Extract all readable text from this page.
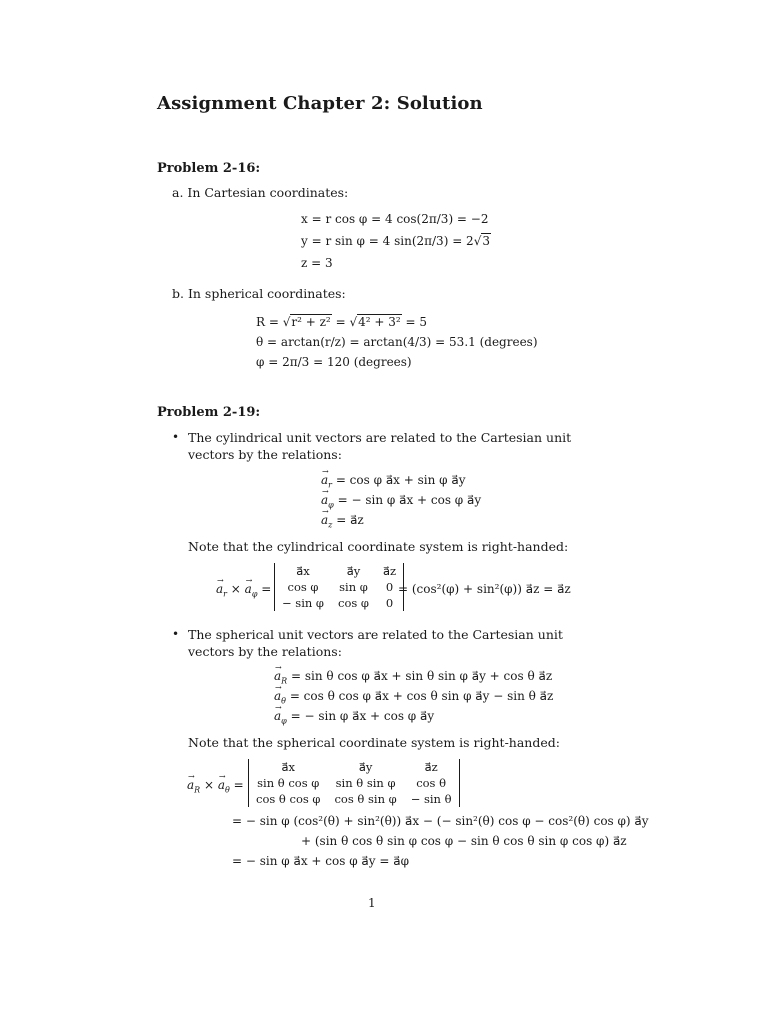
Assignment Chapter 2: Solution
Problem 2-16:
a. In Cartesian coordinates:
x = r cos φ = 4 cos(2π/3) = −2
y = r sin φ = 4 sin(2π/3) = 2√3
z = 3
b. In spherical coordinates:
R = √r² + z² = √4² + 3² = 5
θ = arctan(r/z) = arctan(4/3) = 53.1 (degrees)
φ = 2π/3 = 120 (degrees)
Problem 2-19:
• The cylindrical unit vectors are related to the Cartesian unit vectors by the relations:
→ $a_r = \cos \varphi$ a⃗x + sin φ a⃗y
→ $a_\varphi$ = − sin φ a⃗x + cos φ a⃗y
→ $a_z$ = a⃗z
Note that the cylindrical coordinate system is right-handed:
→ $a_r$ × → $a_\varphi$ =
a⃗x	a⃗y	a⃗z
cos φ	sin φ	0
− sin φ	cos φ	0
= (cos²(φ) + sin²(φ)) a⃗z = a⃗z
• The spherical unit vectors are related to the Cartesian unit vectors by the relations:
→ $a_R = \sin \theta$ cos φ a⃗x + sin θ sin φ a⃗y + cos θ a⃗z
→ $a_\theta = \cos \theta$ cos φ a⃗x + cos θ sin φ a⃗y − sin θ a⃗z
→ $a_\varphi$ = − sin φ a⃗x + cos φ a⃗y
Note that the spherical coordinate system is right-handed:
→ $a_R$ × → $a_\theta$ =
a⃗x	a⃗y	a⃗z
sin θ cos φ	sin θ sin φ	cos θ
cos θ cos φ	cos θ sin φ	− sin θ
= − sin φ (cos²(θ) + sin²(θ)) a⃗x − (− sin²(θ) cos φ − cos²(θ) cos φ) a⃗y
+ (sin θ cos θ sin φ cos φ − sin θ cos θ sin φ cos φ) a⃗z
= − sin φ a⃗x + cos φ a⃗y = a⃗φ
1
